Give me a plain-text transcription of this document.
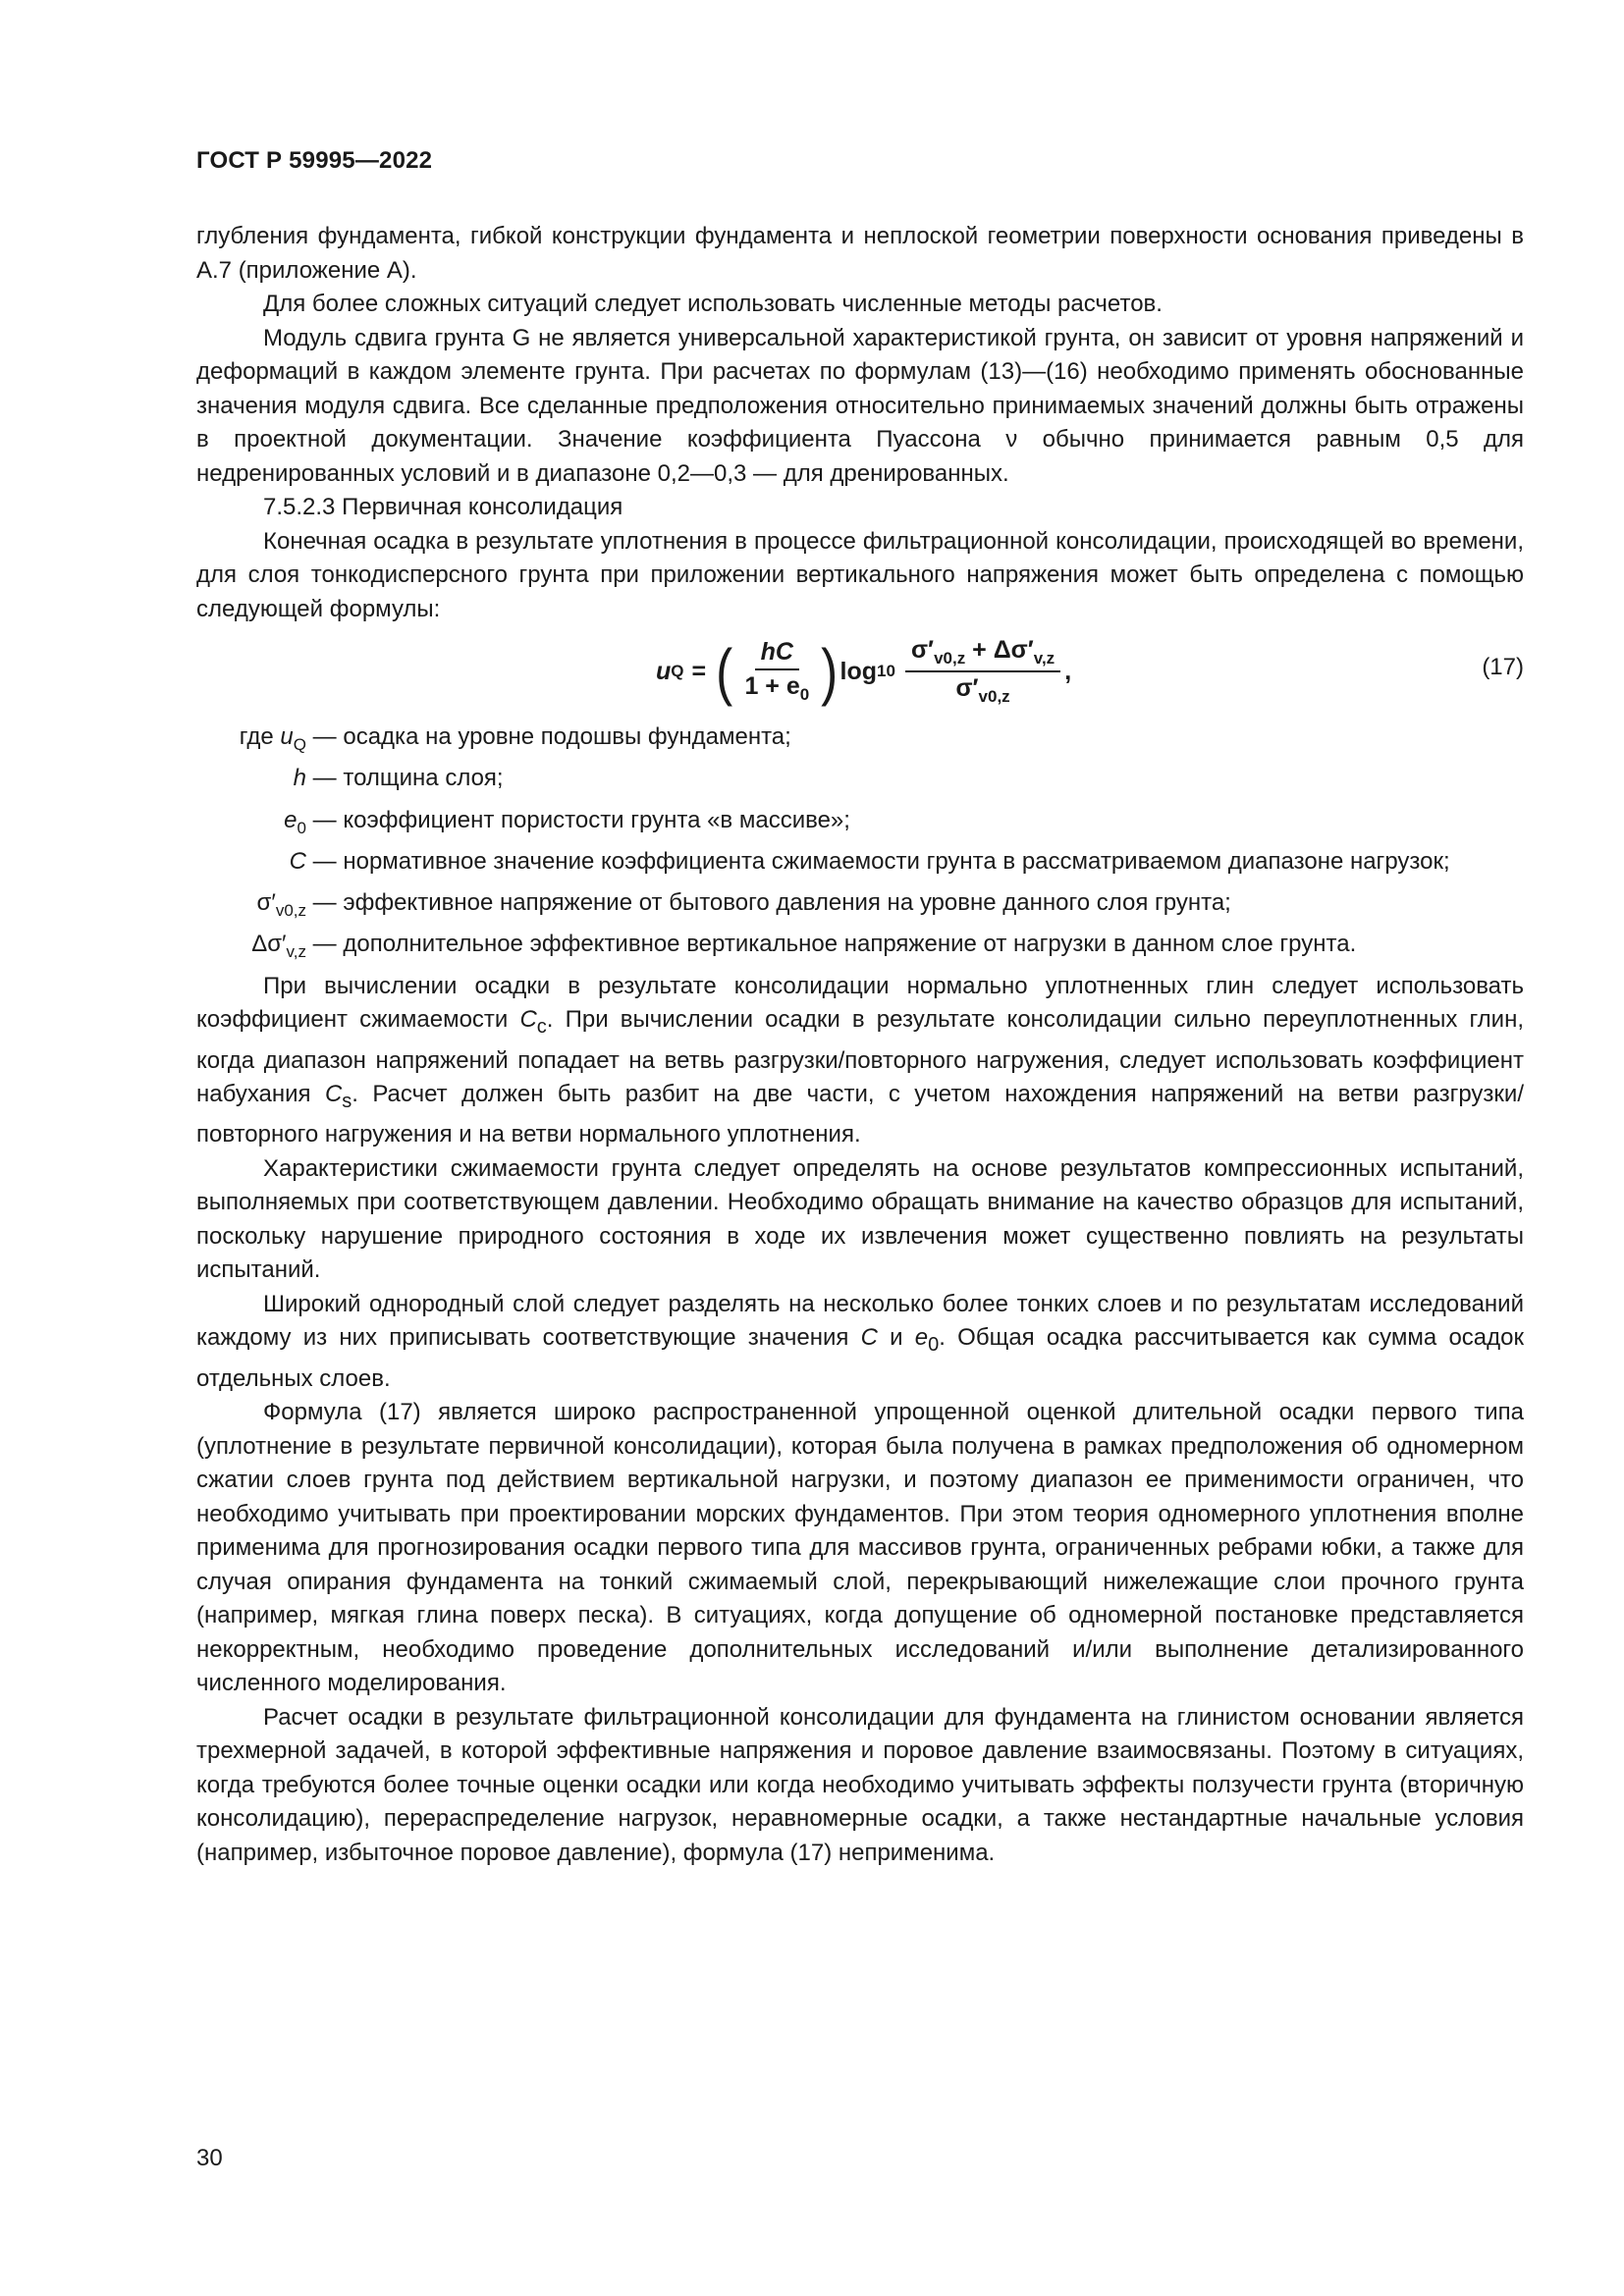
ГОСТ Р 59995—2022

глубления фундамента, гибкой конструкции фундамента и неплоской геометрии поверхности основания приведены в А.7 (приложение А).

Для более сложных ситуаций следует использовать численные методы расчетов.

Модуль сдвига грунта G не является универсальной характеристикой грунта, он зависит от уровня напряжений и деформаций в каждом элементе грунта. При расчетах по формулам (13)—(16) необходимо применять обоснованные значения модуля сдвига. Все сделанные предположения относительно принимаемых значений должны быть отражены в проектной документации. Значение коэффициента Пуассона ν обычно принимается равным 0,5 для недренированных условий и в диапазоне 0,2—0,3 — для дренированных.

7.5.2.3 Первичная консолидация

Конечная осадка в результате уплотнения в процессе фильтрационной консолидации, происходящей во времени, для слоя тонкодисперсного грунта при приложении вертикального напряжения может быть определена с помощью следующей формулы:

u Q = ( $\frac{hC}{1 + e_0}$ ) $\log 10 \frac{\sigma'_{v0,z} + \Delta\sigma'_{v,z}}{\sigma'_{v0,z}}$ ,	(17)
где $u_Q$ — осадка на уровне подошвы фундамента;
h — толщина слоя;
$e_0$ — коэффициент пористости грунта «в массиве»;
C — нормативное значение коэффициента сжимаемости грунта в рассматриваемом диапазоне нагрузок;
$\sigma'_{v0,z}$ — эффективное напряжение от бытового давления на уровне данного слоя грунта;
$\Delta\sigma'_{v,z}$ — дополнительное эффективное вертикальное напряжение от нагрузки в данном слое грунта.

При вычислении осадки в результате консолидации нормально уплотненных глин следует использовать коэффициент сжимаемости $C_c$. При вычислении осадки в результате консолидации сильно переуплотненных глин, когда диапазон напряжений попадает на ветвь разгрузки/повторного нагружения, следует использовать коэффициент набухания $C_s$. Расчет должен быть разбит на две части, с учетом нахождения напряжений на ветви разгрузки/повторного нагружения и на ветви нормального уплотнения.

Характеристики сжимаемости грунта следует определять на основе результатов компрессионных испытаний, выполняемых при соответствующем давлении. Необходимо обращать внимание на качество образцов для испытаний, поскольку нарушение природного состояния в ходе их извлечения может существенно повлиять на результаты испытаний.

Широкий однородный слой следует разделять на несколько более тонких слоев и по результатам исследований каждому из них приписывать соответствующие значения C и $e_0$. Общая осадка рассчитывается как сумма осадок отдельных слоев.

Формула (17) является широко распространенной упрощенной оценкой длительной осадки первого типа (уплотнение в результате первичной консолидации), которая была получена в рамках предположения об одномерном сжатии слоев грунта под действием вертикальной нагрузки, и поэтому диапазон ее применимости ограничен, что необходимо учитывать при проектировании морских фундаментов. При этом теория одномерного уплотнения вполне применима для прогнозирования осадки первого типа для массивов грунта, ограниченных ребрами юбки, а также для случая опирания фундамента на тонкий сжимаемый слой, перекрывающий нижележащие слои прочного грунта (например, мягкая глина поверх песка). В ситуациях, когда допущение об одномерной постановке представляется некорректным, необходимо проведение дополнительных исследований и/или выполнение детализированного численного моделирования.

Расчет осадки в результате фильтрационной консолидации для фундамента на глинистом основании является трехмерной задачей, в которой эффективные напряжения и поровое давление взаимосвязаны. Поэтому в ситуациях, когда требуются более точные оценки осадки или когда необходимо учитывать эффекты ползучести грунта (вторичную консолидацию), перераспределение нагрузок, неравномерные осадки, а также нестандартные начальные условия (например, избыточное поровое давление), формула (17) неприменима.

30
